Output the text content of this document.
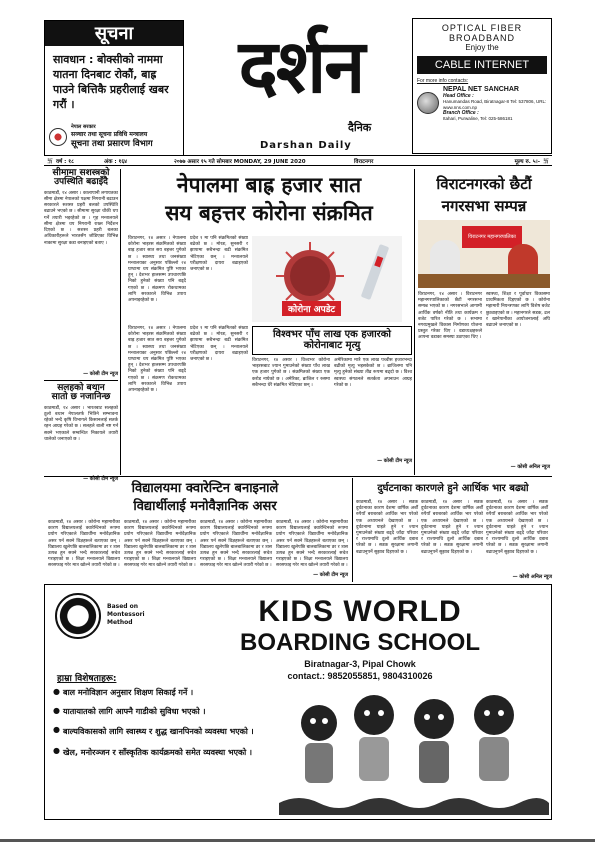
सूचना
सावधान : बोक्सीको नाममा यातना दिनबाट रोकौं, बाह्र पाउने बित्तिकै प्रहरीलाई खबर गरौं ।
नेपाल सरकार
सञ्चार तथा सूचना प्रविधि मन्त्रालय
सूचना तथा प्रसारण विभाग
दर्शन
दैनिक
Darshan Daily
OPTICAL FIBER
BROADBAND
Enjoy the
CABLE INTERNET
For more info contacts:
NEPAL NET SANCHAR
Head Office :
Hanumandas Road, Biratnagar-8 Tel: 537806, URL: www.nns.com.np
Branch Office :
Itahari, Purwaline, Tel: 025-586181
卐 वर्ष : १८	अंक : १६४	२०७७ असार १५ गते सोमबार MONDAY, 29 JUNE 2020	विराटनगर	मूल्य रु. ५।- 卐
सीमामा सशस्त्रको उपस्थिति बढाइँदै
काठमाडौं, १४ असार । कालापानी लगायतका सीमा क्षेत्रमा नेपालको पक्षमा निगरानी बढाउन सरकारले सशस्त्र प्रहरी बलको उपस्थिति बढाउने भएको छ । सीमामा सुरक्षा चौकी थप गर्ने तयारी भइरहेको छ । गृह मन्त्रालयले सीमा क्षेत्रमा थप निगरानी राख्न निर्देशन दिएको छ । सशस्त्र प्रहरी बलका अधिकारीहरूले भारतसँग जोडिएका विभिन्न नाकामा सुरक्षा कडा बनाइएको बताए ।
— कोसी टीम न्यूज
सलहको बथान सातो छ नजानिन्छ
काठमाडौं, १४ असार । भारतबाट सलहको ठूलो बथान नेपालतर्फ भित्रिने सम्भावना रहेको भन्दै कृषि विभागले किसानलाई सतर्क रहन आग्रह गरेको छ । सलहले बाली नष्ट गर्न सक्ने भएकाले सम्बन्धित निकायले तयारी थालेको जनाएको छ ।
— कोसी टीम न्यूज
नेपालमा बाह्र हजार सात
सय बहत्तर कोरोना संक्रमित
विराटनगर, १४ असार । नेपालमा कोरोना भाइरस संक्रमितको संख्या बाह्र हजार सात सय बहत्तर पुगेको छ । स्वास्थ्य तथा जनसंख्या मन्त्रालयका अनुसार पछिल्लो २४ घण्टामा थप संक्रमित पुष्टि भएका हुन् । देशभर हालसम्म उपचारपछि निको हुनेको संख्या पनि बढ्दै गएको छ । संक्रमण रोकथामका लागि सरकारले विभिन्न उपाय अपनाइरहेको छ ।
प्रदेश १ मा पनि संक्रमितको संख्या बढेको छ । मोरङ, सुनसरी र झापामा सबैभन्दा बढी संक्रमित भेटिएका छन् । मन्त्रालयले परीक्षणको दायरा बढाइएको जनाएको छ ।
कोरोना अपडेट
विश्वभर पाँच लाख एक हजारको कोरोनाबाट मृत्यु
विराटनगर, १४ असार । विश्वभर कोरोना भाइरसबाट ज्यान गुमाउनेको संख्या पाँच लाख एक हजार पुगेको छ । संक्रमितको संख्या एक करोड नाघेको छ । अमेरिका, ब्राजिल र रुसमा सबैभन्दा धेरै संक्रमित भेटिएका छन् ।
अमेरिकामा मात्रै एक लाख पच्चीस हजारभन्दा बढीको मृत्यु भइसकेको छ । ब्राजिलमा पनि मृत्यु हुनेको संख्या तीव्र रूपमा बढ्दो छ । विश्व स्वास्थ्य संगठनले सतर्कता अपनाउन आग्रह गरेको छ ।
— कोसी टीम न्यूज
विराटनगर, १४ असार । नेपालमा कोरोना भाइरस संक्रमितको संख्या बाह्र हजार सात सय बहत्तर पुगेको छ । स्वास्थ्य तथा जनसंख्या मन्त्रालयका अनुसार पछिल्लो २४ घण्टामा थप संक्रमित पुष्टि भएका हुन् । देशभर हालसम्म उपचारपछि निको हुनेको संख्या पनि बढ्दै गएको छ । संक्रमण रोकथामका लागि सरकारले विभिन्न उपाय अपनाइरहेको छ ।
प्रदेश १ मा पनि संक्रमितको संख्या बढेको छ । मोरङ, सुनसरी र झापामा सबैभन्दा बढी संक्रमित भेटिएका छन् । मन्त्रालयले परीक्षणको दायरा बढाइएको जनाएको छ ।
विराटनगरको छैटौं
नगरसभा सम्पन्न
विराटनगर महानगरपालिका
विराटनगर, १४ असार । विराटनगर महानगरपालिकाको छैटौं नगरसभा सम्पन्न भएको छ । नगरसभाले आगामी आर्थिक वर्षको नीति तथा कार्यक्रम र बजेट पारित गरेको छ । सभामा नगरप्रमुखले विकास निर्माणका योजना प्रस्तुत गरेका थिए । वडाध्यक्षहरूले आफ्ना वडाका समस्या उठाएका थिए ।
स्वास्थ्य, शिक्षा र पूर्वाधार विकासमा प्राथमिकता दिइएको छ । कोरोना महामारी नियन्त्रणका लागि विशेष बजेट छुट्याइएको छ । महानगरले सडक, ढल र खानेपानीका आयोजनालाई अघि बढाउने जनाएको छ ।
— कोसी अनिल न्यूज
विद्यालयमा क्वारेन्टिन बनाइनाले
विद्यार्थीलाई मनोवैज्ञानिक असर
काठमाडौं, १४ असार । कोरोना महामारीका कारण विद्यालयलाई क्वारेन्टिनको रूपमा प्रयोग गरिएकाले विद्यार्थीमा मनोवैज्ञानिक असर पर्न सक्ने विज्ञहरूले बताएका छन् । विद्यालय खुलेपछि बालबालिकामा डर र त्रास उत्पन्न हुन सक्ने भन्दै सरकारलाई सचेत गराइएको छ । शिक्षा मन्त्रालयले विद्यालय सरसफाइ गरेर मात्र खोल्ने तयारी गरेको छ ।
काठमाडौं, १४ असार । कोरोना महामारीका कारण विद्यालयलाई क्वारेन्टिनको रूपमा प्रयोग गरिएकाले विद्यार्थीमा मनोवैज्ञानिक असर पर्न सक्ने विज्ञहरूले बताएका छन् । विद्यालय खुलेपछि बालबालिकामा डर र त्रास उत्पन्न हुन सक्ने भन्दै सरकारलाई सचेत गराइएको छ । शिक्षा मन्त्रालयले विद्यालय सरसफाइ गरेर मात्र खोल्ने तयारी गरेको छ ।
काठमाडौं, १४ असार । कोरोना महामारीका कारण विद्यालयलाई क्वारेन्टिनको रूपमा प्रयोग गरिएकाले विद्यार्थीमा मनोवैज्ञानिक असर पर्न सक्ने विज्ञहरूले बताएका छन् । विद्यालय खुलेपछि बालबालिकामा डर र त्रास उत्पन्न हुन सक्ने भन्दै सरकारलाई सचेत गराइएको छ । शिक्षा मन्त्रालयले विद्यालय सरसफाइ गरेर मात्र खोल्ने तयारी गरेको छ ।
काठमाडौं, १४ असार । कोरोना महामारीका कारण विद्यालयलाई क्वारेन्टिनको रूपमा प्रयोग गरिएकाले विद्यार्थीमा मनोवैज्ञानिक असर पर्न सक्ने विज्ञहरूले बताएका छन् । विद्यालय खुलेपछि बालबालिकामा डर र त्रास उत्पन्न हुन सक्ने भन्दै सरकारलाई सचेत गराइएको छ । शिक्षा मन्त्रालयले विद्यालय सरसफाइ गरेर मात्र खोल्ने तयारी गरेको छ ।
— कोसी टीम न्यूज
दुर्घटनाका कारणले हुने आर्थिक भार बढ्यो
काठमाडौं, १४ असार । सडक दुर्घटनाका कारण देशमा वार्षिक अर्बौं रुपैयाँ बराबरको आर्थिक भार परेको एक अध्ययनले देखाएको छ । दुर्घटनामा घाइते हुने र ज्यान गुमाउनेको संख्या बढ्दै जाँदा परिवार र राज्यमाथि ठूलो आर्थिक दबाब परेको छ । सडक सुरक्षामा लगानी बढाउनुपर्ने सुझाव दिइएको छ ।
काठमाडौं, १४ असार । सडक दुर्घटनाका कारण देशमा वार्षिक अर्बौं रुपैयाँ बराबरको आर्थिक भार परेको एक अध्ययनले देखाएको छ । दुर्घटनामा घाइते हुने र ज्यान गुमाउनेको संख्या बढ्दै जाँदा परिवार र राज्यमाथि ठूलो आर्थिक दबाब परेको छ । सडक सुरक्षामा लगानी बढाउनुपर्ने सुझाव दिइएको छ ।
काठमाडौं, १४ असार । सडक दुर्घटनाका कारण देशमा वार्षिक अर्बौं रुपैयाँ बराबरको आर्थिक भार परेको एक अध्ययनले देखाएको छ । दुर्घटनामा घाइते हुने र ज्यान गुमाउनेको संख्या बढ्दै जाँदा परिवार र राज्यमाथि ठूलो आर्थिक दबाब परेको छ । सडक सुरक्षामा लगानी बढाउनुपर्ने सुझाव दिइएको छ ।
— कोसी अनिल न्यूज
Based on Montessori Method	KIDS WORLD
BOARDING SCHOOL
Biratnagar-3, Pipal Chowk
contact.: 9852055851, 9804310026
हाम्रा विशेषताहरू:
● बाल मनोविज्ञान अनुसार शिक्षण सिकाई गर्ने ।
● यातायातको लागि आफ्नै गाडीको सुविधा भएको ।
● बाल्यविकासको लागि स्वास्थ्य र शुद्ध खानपिनको व्यवस्था भएको ।
● खेल, मनोरञ्जन र साँस्कृतिक कार्यक्रमको समेत व्यवस्था भएको ।
